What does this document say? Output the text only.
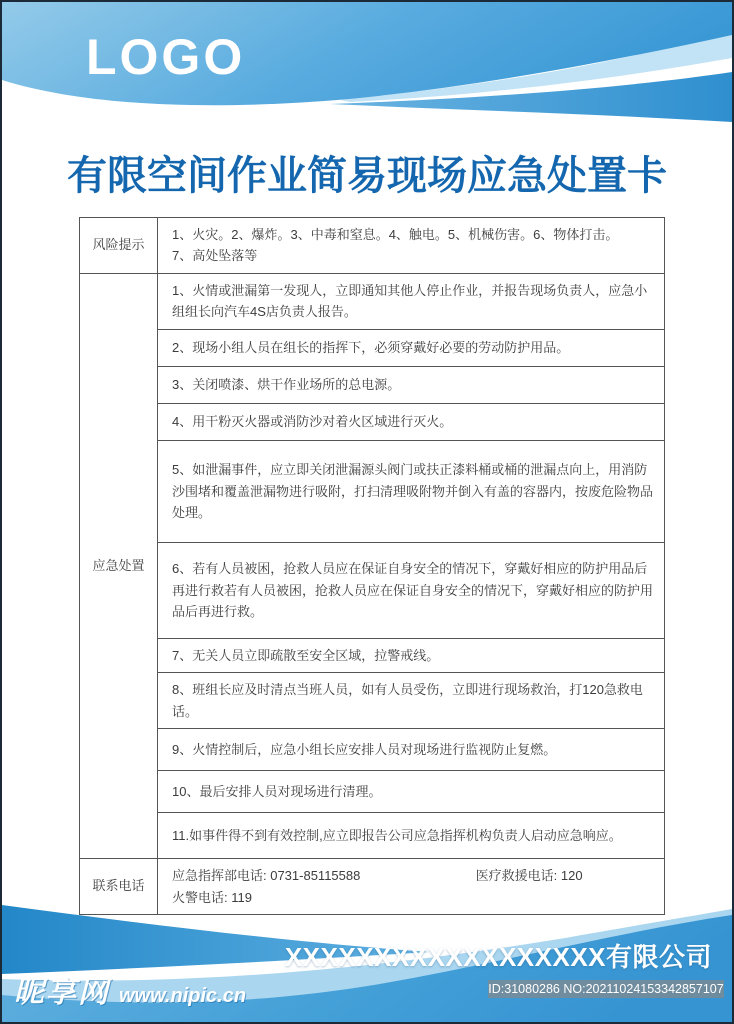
LOGO
有限空间作业简易现场应急处置卡
风险提示	1、火灾。2、爆炸。3、中毒和窒息。4、触电。5、机械伤害。6、物体打击。
7、高处坠落等

应急处置	1、火情或泄漏第一发现人，立即通知其他人停止作业，并报告现场负责人，应急小组组长向汽车4S店负责人报告。
	2、现场小组人员在组长的指挥下，必须穿戴好必要的劳动防护用品。
	3、关闭喷漆、烘干作业场所的总电源。
	4、用干粉灭火器或消防沙对着火区域进行灭火。
	5、如泄漏事件，应立即关闭泄漏源头阀门或扶正漆料桶或桶的泄漏点向上，用消防沙围堵和覆盖泄漏物进行吸附，打扫清理吸附物并倒入有盖的容器内，按废危险物品处理。
	6、若有人员被困，抢救人员应在保证自身安全的情况下，穿戴好相应的防护用品后再进行救若有人员被困，抢救人员应在保证自身安全的情况下，穿戴好相应的防护用品后再进行救。
	7、无关人员立即疏散至安全区域，拉警戒线。
	8、班组长应及时清点当班人员，如有人员受伤，立即进行现场救治，打120急救电话。
	9、火情控制后，应急小组长应安排人员对现场进行监视防止复燃。
	10、最后安排人员对现场进行清理。
	11.如事件得不到有效控制,应立即报告公司应急指挥机构负责人启动应急响应。
联系电话	应急指挥部电话: 0731-85115588 医疗救援电话: 120
火警电话: 119
XXXXXXXXXXXXXXXXXX有限公司
ID:31080286 NO:20211024153342857107
昵享网 www.nipic.cn
